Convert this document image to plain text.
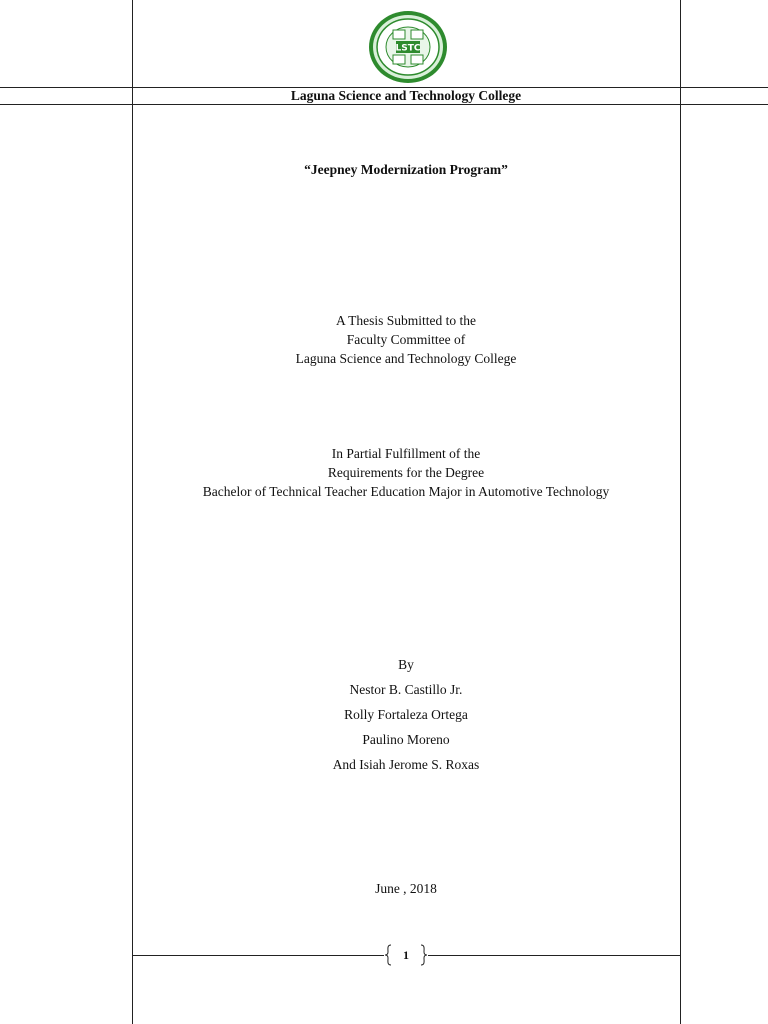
LSTC
Laguna Science and Technology College
“Jeepney Modernization Program”
A Thesis Submitted to the
Faculty Committee of
Laguna Science and Technology College
In Partial Fulfillment of the
Requirements for the Degree
Bachelor of Technical Teacher Education Major in Automotive Technology
By
Nestor B. Castillo Jr.
Rolly Fortaleza Ortega
Paulino Moreno
And Isiah Jerome S. Roxas
June , 2018
1
